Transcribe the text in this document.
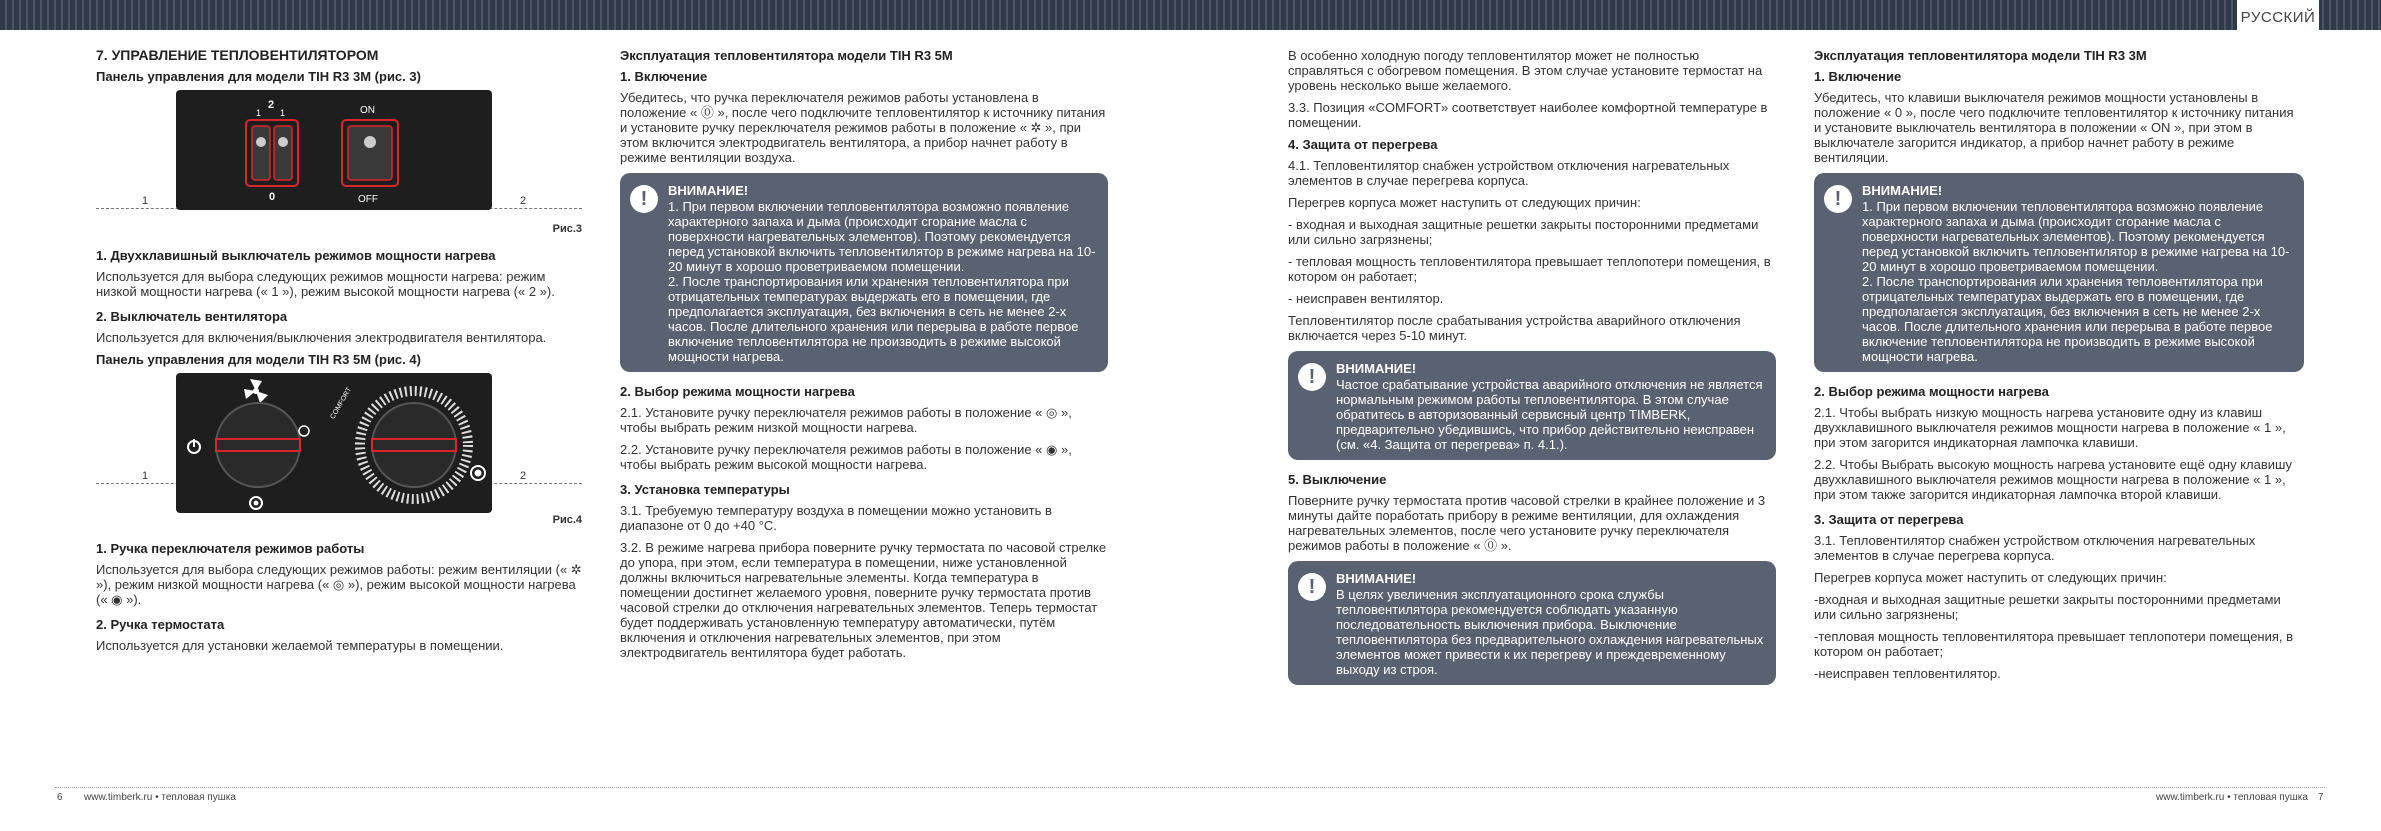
РУССКИЙ
7. УПРАВЛЕНИЕ ТЕПЛОВЕНТИЛЯТОРОМ
Панель управления для модели TIH R3 3M (рис. 3)
1	2
2
1 1
0
ON
OFF
Рис.3
1. Двухклавишный выключатель режимов мощности нагрева

Используется для выбора следующих режимов мощности нагрева: режим низкой мощности нагрева (« 1 »), режим высокой мощности нагрева (« 2 »).

2. Выключатель вентилятора

Используется для включения/выключения электродвигателя вентилятора.

Панель управления для модели TIH R3 5M (рис. 4)
1	2
COMFORT
Рис.4
1. Ручка переключателя режимов работы

Используется для выбора следующих режимов работы: режим вентиляции (« ✲ »), режим низкой мощности нагрева (« ◎ »), режим высокой мощности нагрева (« ◉ »).

2. Ручка термостата

Используется для установки желаемой температуры в помещении.

Эксплуатация тепловентилятора модели TIH R3 5M
1. Включение

Убедитесь, что ручка переключателя режимов работы установлена в положение « ⓪ », после чего подключите тепловентилятор к источнику питания и установите ручку переключателя режимов работы в положение « ✲ », при этом включится электродвигатель вентилятора, а прибор начнет работу в режиме вентиляции воздуха.

!	ВНИМАНИЕ!

1. При первом включении тепловентилятора возможно появление характерного запаха и дыма (происходит сгорание масла с поверхности нагревательных элементов). Поэтому рекомендуется перед установкой включить тепловентилятор в режиме нагрева на 10-20 минут в хорошо проветриваемом помещении.

2. После транспортирования или хранения тепловентилятора при отрицательных температурах выдержать его в помещении, где предполагается эксплуатация, без включения в сеть не менее 2-х часов. После длительного хранения или перерыва в работе первое включение тепловентилятора не производить в режиме высокой мощности нагрева.

2. Выбор режима мощности нагрева

2.1. Установите ручку переключателя режимов работы в положение « ◎ », чтобы выбрать режим низкой мощности нагрева.

2.2. Установите ручку переключателя режимов работы в положение « ◉ », чтобы выбрать режим высокой мощности нагрева.

3. Установка температуры

3.1. Требуемую температуру воздуха в помещении можно установить в диапазоне от 0 до +40 °С.

3.2. В режиме нагрева прибора поверните ручку термостата по часовой стрелке до упора, при этом, если температура в помещении, ниже установленной должны включиться нагревательные элементы. Когда температура в помещении достигнет желаемого уровня, поверните ручку термостата против часовой стрелки до отключения нагревательных элементов. Теперь термостат будет поддерживать установленную температуру автоматически, путём включения и отключения нагревательных элементов, при этом электродвигатель вентилятора будет работать.

В особенно холодную погоду тепловентилятор может не полностью справляться с обогревом помещения. В этом случае установите термостат на уровень несколько выше желаемого.

3.3. Позиция «COMFORT» соответствует наиболее комфортной температуре в помещении.

4. Защита от перегрева

4.1. Тепловентилятор снабжен устройством отключения нагревательных элементов в случае перегрева корпуса.

Перегрев корпуса может наступить от следующих причин:

- входная и выходная защитные решетки закрыты посторонними предметами или сильно загрязнены;

- тепловая мощность тепловентилятора превышает теплопотери помещения, в котором он работает;

- неисправен вентилятор.

Тепловентилятор после срабатывания устройства аварийного отключения включается через 5-10 минут.

!	ВНИМАНИЕ!

Частое срабатывание устройства аварийного отключения не является нормальным режимом работы тепловентилятора. В этом случае обратитесь в авторизованный сервисный центр TIMBERK, предварительно убедившись, что прибор действительно неисправен (см. «4. Защита от перегрева» п. 4.1.).

5. Выключение

Поверните ручку термостата против часовой стрелки в крайнее положение и 3 минуты дайте поработать прибору в режиме вентиляции, для охлаждения нагревательных элементов, после чего установите ручку переключателя режимов работы в положение « ⓪ ».

!	ВНИМАНИЕ!

В целях увеличения эксплуатационного срока службы тепловентилятора рекомендуется соблюдать указанную последовательность выключения прибора. Выключение тепловентилятора без предварительного охлаждения нагревательных элементов может привести к их перегреву и преждевременному выходу из строя.

Эксплуатация тепловентилятора модели TIH R3 3M
1. Включение

Убедитесь, что клавиши выключателя режимов мощности установлены в положение « 0 », после чего подключите тепловентилятор к источнику питания и установите выключатель вентилятора в положении « ON », при этом в выключателе загорится индикатор, а прибор начнет работу в режиме вентиляции.

!	ВНИМАНИЕ!

1. При первом включении тепловентилятора возможно появление характерного запаха и дыма (происходит сгорание масла с поверхности нагревательных элементов). Поэтому рекомендуется перед установкой включить тепловентилятор в режиме нагрева на 10-20 минут в хорошо проветриваемом помещении.

2. После транспортирования или хранения тепловентилятора при отрицательных температурах выдержать его в помещении, где предполагается эксплуатация, без включения в сеть не менее 2-х часов. После длительного хранения или перерыва в работе первое включение тепловентилятора не производить в режиме высокой мощности нагрева.

2. Выбор режима мощности нагрева

2.1. Чтобы выбрать низкую мощность нагрева установите одну из клавиш двухклавишного выключателя режимов мощности нагрева в положение « 1 », при этом загорится индикаторная лампочка клавиши.

2.2. Чтобы Выбрать высокую мощность нагрева установите ещё одну клавишу двухклавишного выключателя режимов мощности нагрева в положение « 1 », при этом также загорится индикаторная лампочка второй клавиши.

3. Защита от перегрева

3.1. Тепловентилятор снабжен устройством отключения нагревательных элементов в случае перегрева корпуса.

Перегрев корпуса может наступить от следующих причин:

-входная и выходная защитные решетки закрыты посторонними предметами или сильно загрязнены;

-тепловая мощность тепловентилятора превышает теплопотери помещения, в котором он работает;

-неисправен тепловентилятор.

6 www.timberk.ru • тепловая пушка	www.timberk.ru • тепловая пушка 7
